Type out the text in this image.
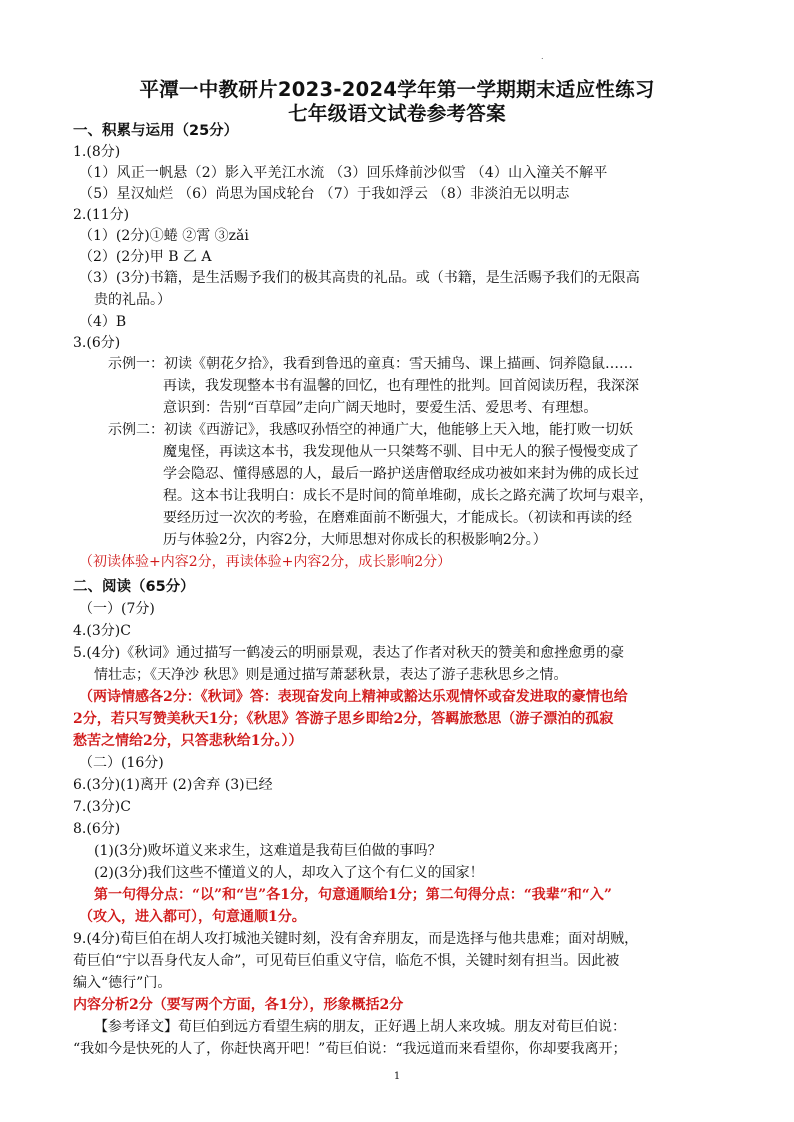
.
平潭一中教研片2023-2024学年第一学期期末适应性练习
七年级语文试卷参考答案
一、积累与运用（25分）
1.(8分)
（1）风正一帆悬（2）影入平羌江水流 （3）回乐烽前沙似雪 （4）山入潼关不解平
（5）星汉灿烂 （6）尚思为国戍轮台 （7）于我如浮云 （8）非淡泊无以明志
2.(11分)
（1）(2分)①蜷 ②霄 ③zǎi
（2）(2分)甲 B 乙 A
（3）(3分)书籍，是生活赐予我们的极其高贵的礼品。或（书籍，是生活赐予我们的无限高
贵的礼品。）
（4）B
3.(6分)
示例一：初读《朝花夕拾》，我看到鲁迅的童真：雪天捕鸟、课上描画、饲养隐鼠……
再读，我发现整本书有温馨的回忆，也有理性的批判。回首阅读历程，我深深
意识到：告别“百草园”走向广阔天地时，要爱生活、爱思考、有理想。
示例二：初读《西游记》，我感叹孙悟空的神通广大，他能够上天入地，能打败一切妖
魔鬼怪，再读这本书，我发现他从一只桀骜不驯、目中无人的猴子慢慢变成了
学会隐忍、懂得感恩的人，最后一路护送唐僧取经成功被如来封为佛的成长过
程。这本书让我明白：成长不是时间的简单堆砌，成长之路充满了坎坷与艰辛，
要经历过一次次的考验，在磨难面前不断强大，才能成长。（初读和再读的经
历与体验2分，内容2分，大师思想对你成长的积极影响2分。）
（初读体验+内容2分，再读体验+内容2分，成长影响2分）
二、阅读（65分）
（一）(7分)
4.(3分)C
5.(4分)《秋词》通过描写一鹤凌云的明丽景观，表达了作者对秋天的赞美和愈挫愈勇的豪
情壮志；《天净沙 秋思》则是通过描写萧瑟秋景，表达了游子悲秋思乡之情。
（两诗情感各2分：《秋词》答：表现奋发向上精神或豁达乐观情怀或奋发进取的豪情也给
2分，若只写赞美秋天1分；《秋思》答游子思乡即给2分，答羁旅愁思（游子漂泊的孤寂
愁苦之情给2分，只答悲秋给1分。））
（二）(16分)
6.(3分)(1)离开 (2)舍弃 (3)已经
7.(3分)C
8.(6分)
(1)(3分)败坏道义来求生，这难道是我荀巨伯做的事吗？
(2)(3分)我们这些不懂道义的人，却攻入了这个有仁义的国家！
第一句得分点：“以”和“岂”各1分，句意通顺给1分；第二句得分点：“我辈”和“入”
（攻入，进入都可），句意通顺1分。
9.(4分)荀巨伯在胡人攻打城池关键时刻，没有舍弃朋友，而是选择与他共患难；面对胡贼，
荀巨伯“宁以吾身代友人命”，可见荀巨伯重义守信，临危不惧，关键时刻有担当。因此被
编入“德行”门。
内容分析2分（要写两个方面，各1分），形象概括2分
【参考译文】荀巨伯到远方看望生病的朋友，正好遇上胡人来攻城。朋友对荀巨伯说：
“我如今是快死的人了，你赶快离开吧！”荀巨伯说：“我远道而来看望你，你却要我离开；
1
